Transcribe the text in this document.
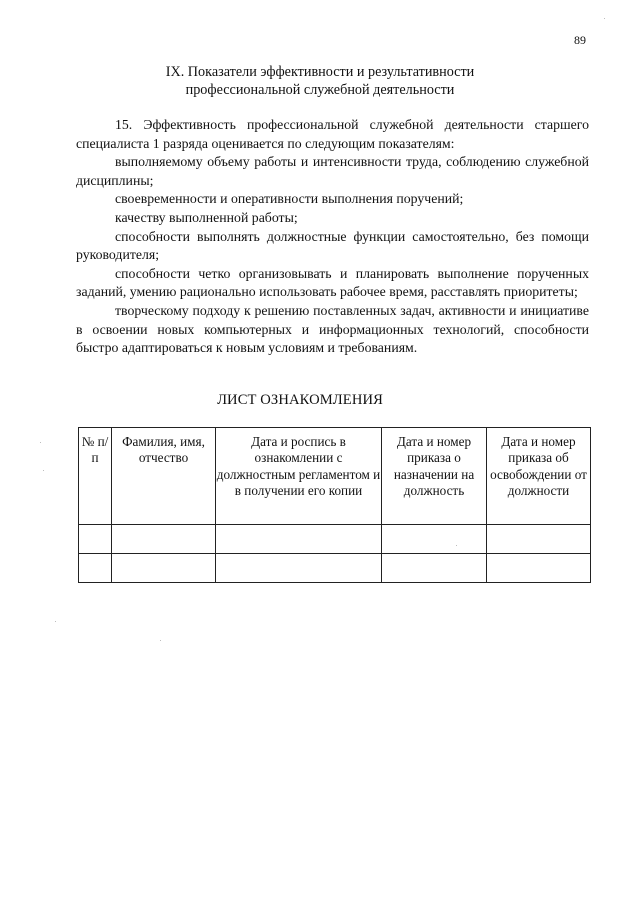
89
IX. Показатели эффективности и результативности
профессиональной служебной деятельности

15. Эффективность профессиональной служебной деятельности старшего специалиста 1 разряда оценивается по следующим показателям:

выполняемому объему работы и интенсивности труда, соблюдению служебной дисциплины;

своевременности и оперативности выполнения поручений;

качеству выполненной работы;

способности выполнять должностные функции самостоятельно, без помощи руководителя;

способности четко организовывать и планировать выполнение порученных заданий, умению рационально использовать рабочее время, расставлять приоритеты;

творческому подходу к решению поставленных задач, активности и инициативе в освоении новых компьютерных и информационных технологий, способности быстро адаптироваться к новым условиям и требованиям.

ЛИСТ ОЗНАКОМЛЕНИЯ
№ п/п	Фамилия, имя, отчество	Дата и роспись в ознакомлении с должностным регламентом и в получении его копии	Дата и номер приказа о назначении на должность	Дата и номер приказа об освобождении от должности
